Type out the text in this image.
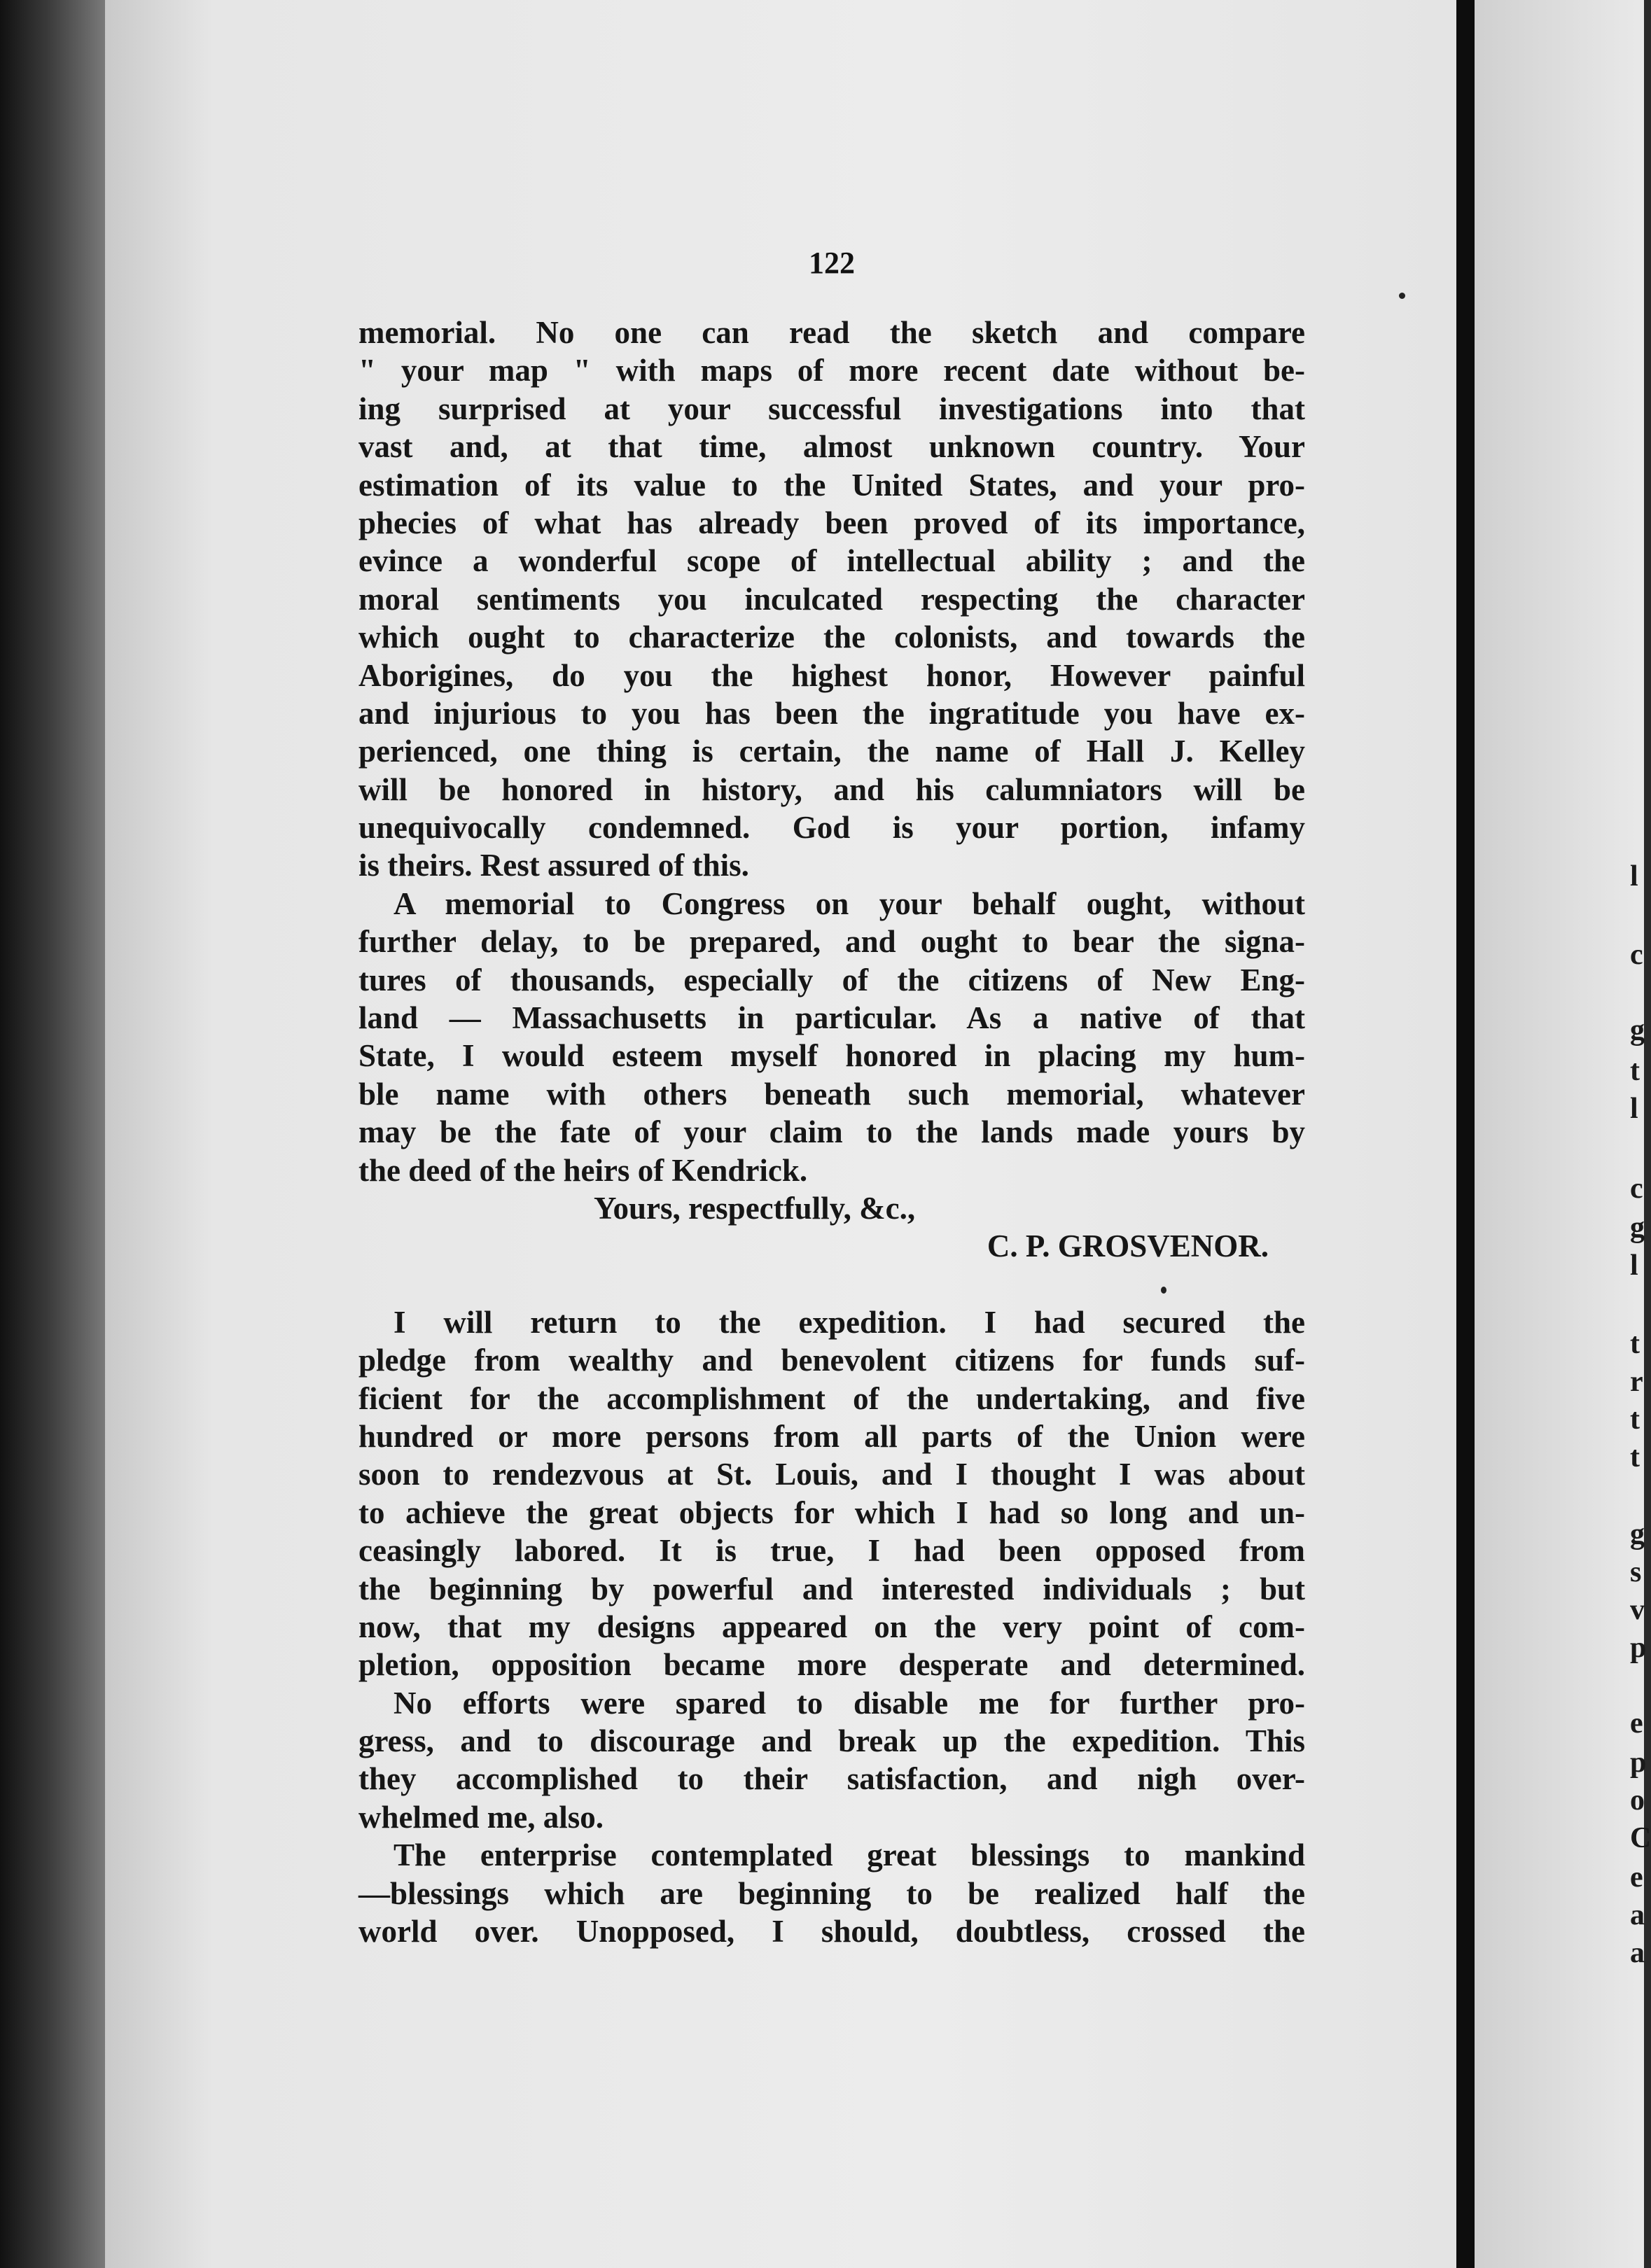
l
c
g
t
l
c
g
l
t
r
t
t
g
s
v
p
e
p
o
C
e
a
a
122
memorial. No one can read the sketch and compare
" your map " with maps of more recent date without be-
ing surprised at your successful investigations into that
vast and, at that time, almost unknown country. Your
estimation of its value to the United States, and your pro-
phecies of what has already been proved of its importance,
evince a wonderful scope of intellectual ability ; and the
moral sentiments you inculcated respecting the character
which ought to characterize the colonists, and towards the
Aborigines, do you the highest honor, However painful
and injurious to you has been the ingratitude you have ex-
perienced, one thing is certain, the name of Hall J. Kelley
will be honored in history, and his calumniators will be
unequivocally condemned. God is your portion, infamy
is theirs. Rest assured of this.
A memorial to Congress on your behalf ought, without
further delay, to be prepared, and ought to bear the signa-
tures of thousands, especially of the citizens of New Eng-
land — Massachusetts in particular. As a native of that
State, I would esteem myself honored in placing my hum-
ble name with others beneath such memorial, whatever
may be the fate of your claim to the lands made yours by
the deed of the heirs of Kendrick.
Yours, respectfully, &c.,
C. P. GROSVENOR.
I will return to the expedition. I had secured the
pledge from wealthy and benevolent citizens for funds suf-
ficient for the accomplishment of the undertaking, and five
hundred or more persons from all parts of the Union were
soon to rendezvous at St. Louis, and I thought I was about
to achieve the great objects for which I had so long and un-
ceasingly labored. It is true, I had been opposed from
the beginning by powerful and interested individuals ; but
now, that my designs appeared on the very point of com-
pletion, opposition became more desperate and determined.
No efforts were spared to disable me for further pro-
gress, and to discourage and break up the expedition. This
they accomplished to their satisfaction, and nigh over-
whelmed me, also.
The enterprise contemplated great blessings to mankind
—blessings which are beginning to be realized half the
world over. Unopposed, I should, doubtless, crossed the
